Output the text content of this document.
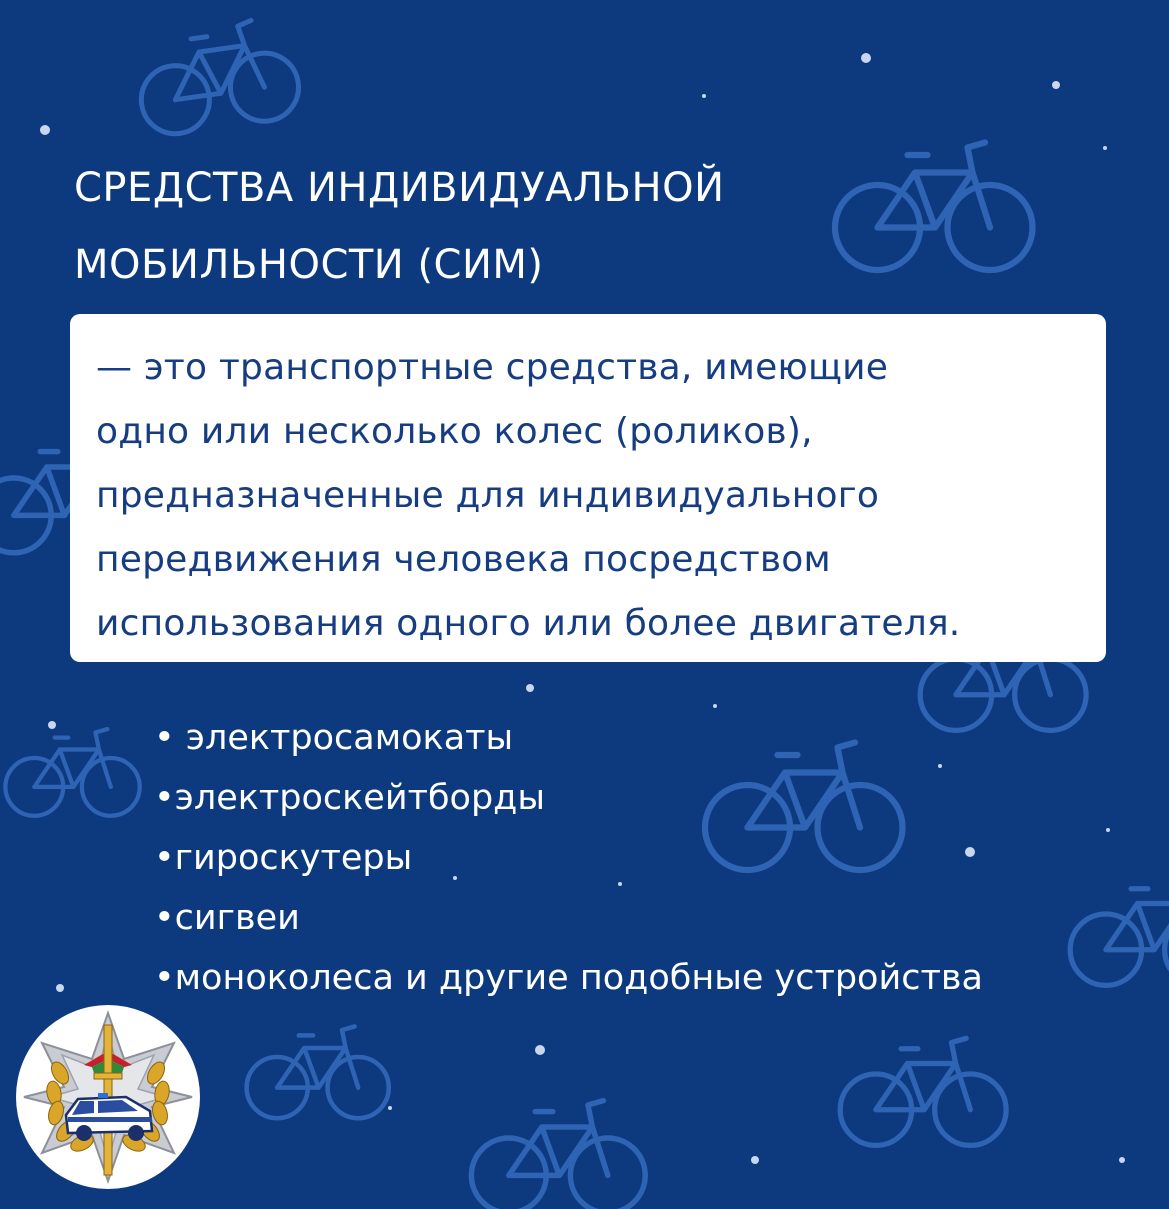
СРЕДСТВА ИНДИВИДУАЛЬНОЙ
МОБИЛЬНОСТИ (СИМ)

— это транспортные средства, имеющие

одно или несколько колес (роликов),

предназначенные для индивидуального

передвижения человека посредством

использования одного или более двигателя.

• электросамокаты
•электроскейтборды
•гироскутеры
•сигвеи
•моноколеса и другие подобные устройства
